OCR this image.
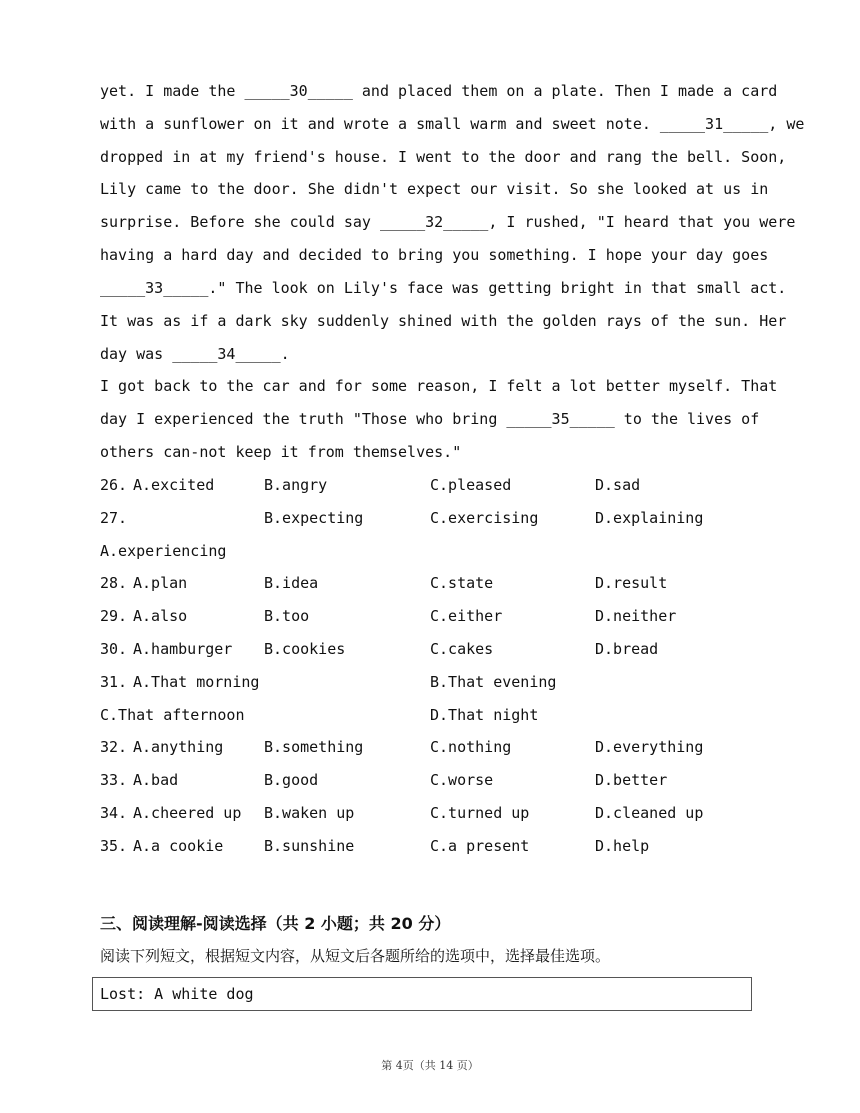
yet. I made the _____30_____ and placed them on a plate. Then I made a card
with a sunflower on it and wrote a small warm and sweet note. _____31_____, we
dropped in at my friend's house. I went to the door and rang the bell. Soon,
Lily came to the door. She didn't expect our visit. So she looked at us in
surprise. Before she could say _____32_____, I rushed, "I heard that you were
having a hard day and decided to bring you something. I hope your day goes
_____33_____." The look on Lily's face was getting bright in that small act.
It was as if a dark sky suddenly shined with the golden rays of the sun. Her
day was _____34_____.
I got back to the car and for some reason, I felt a lot better myself. That
day I experienced the truth "Those who bring _____35_____ to the lives of
others can-not keep it from themselves."
26. A.excited	B.angry	C.pleased	D.sad
27.	B.expecting	C.exercising	D.explaining
A.experiencing
28. A.plan	B.idea	C.state	D.result
29. A.also	B.too	C.either	D.neither
30. A.hamburger B.cookies	C.cakes	D.bread
31. A.That morning	B.That evening
C.That afternoon	D.That night
32. A.anything	B.something	C.nothing	D.everything
33. A.bad	B.good	C.worse	D.better
34. A.cheered up B.waken up	C.turned up	D.cleaned up
35. A.a cookie	B.sunshine	C.a present	D.help
三、阅读理解-阅读选择（共 2 小题；共 20 分）
阅读下列短文，根据短文内容，从短文后各题所给的选项中，选择最佳选项。
Lost: A white dog
第 4页（共 14 页）
